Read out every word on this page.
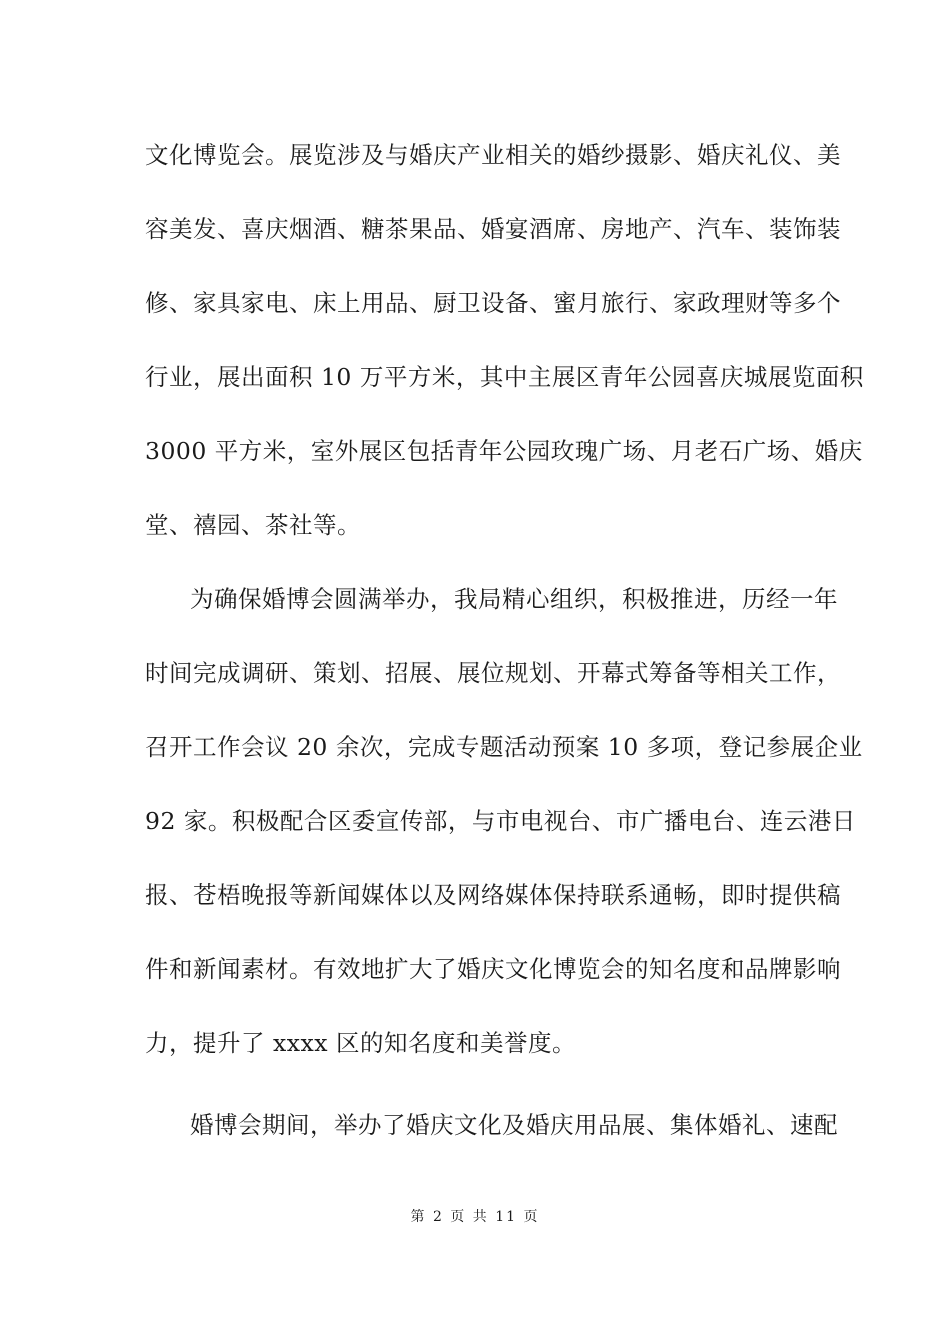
文化博览会。展览涉及与婚庆产业相关的婚纱摄影、婚庆礼仪、美
容美发、喜庆烟酒、糖茶果品、婚宴酒席、房地产、汽车、装饰装
修、家具家电、床上用品、厨卫设备、蜜月旅行、家政理财等多个
行业，展出面积 10 万平方米，其中主展区青年公园喜庆城展览面积
3000 平方米，室外展区包括青年公园玫瑰广场、月老石广场、婚庆
堂、禧园、茶社等。
为确保婚博会圆满举办，我局精心组织，积极推进，历经一年
时间完成调研、策划、招展、展位规划、开幕式筹备等相关工作，
召开工作会议 20 余次，完成专题活动预案 10 多项，登记参展企业
92 家。积极配合区委宣传部，与市电视台、市广播电台、连云港日
报、苍梧晚报等新闻媒体以及网络媒体保持联系通畅，即时提供稿
件和新闻素材。有效地扩大了婚庆文化博览会的知名度和品牌影响
力，提升了 xxxx 区的知名度和美誉度。
婚博会期间，举办了婚庆文化及婚庆用品展、集体婚礼、速配
第 2 页 共 11 页
